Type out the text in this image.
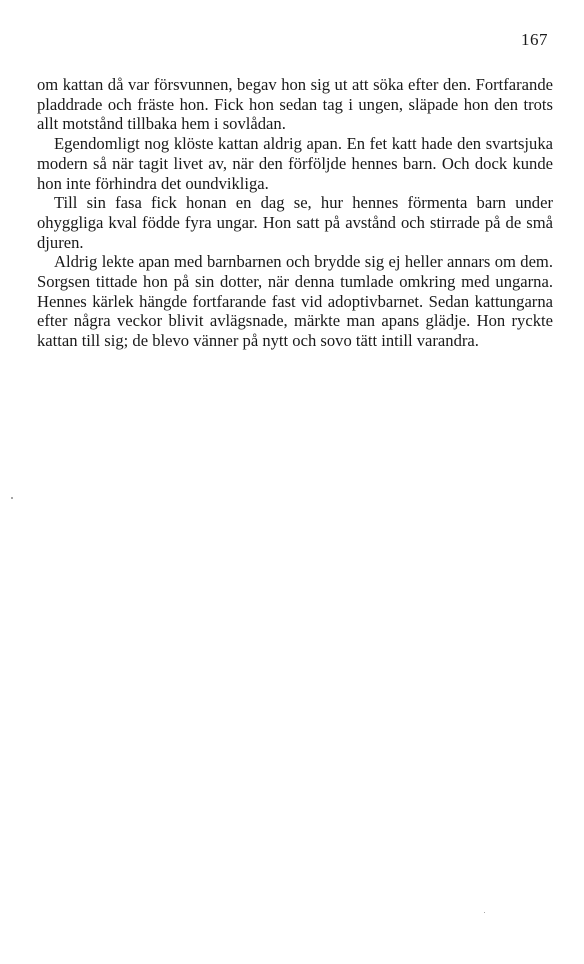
167

om kattan då var försvunnen, begav hon sig ut att söka efter den. Fortfarande pladdrade och fräste hon. Fick hon sedan tag i ungen, släpade hon den trots allt motstånd tillbaka hem i sovlådan.

Egendomligt nog klöste kattan aldrig apan. En fet katt hade den svartsjuka modern så när tagit livet av, när den förföljde hennes barn. Och dock kunde hon inte förhindra det oundvikliga.

Till sin fasa fick honan en dag se, hur hennes förmenta barn under ohyggliga kval födde fyra ungar. Hon satt på avstånd och stirrade på de små djuren.

Aldrig lekte apan med barnbarnen och brydde sig ej heller annars om dem. Sorgsen tittade hon på sin dotter, när denna tumlade omkring med ungarna. Hennes kärlek hängde fortfarande fast vid adoptivbarnet. Sedan kattungarna efter några veckor blivit avlägsnade, märkte man apans glädje. Hon ryckte kattan till sig; de blevo vänner på nytt och sovo tätt intill varandra.
